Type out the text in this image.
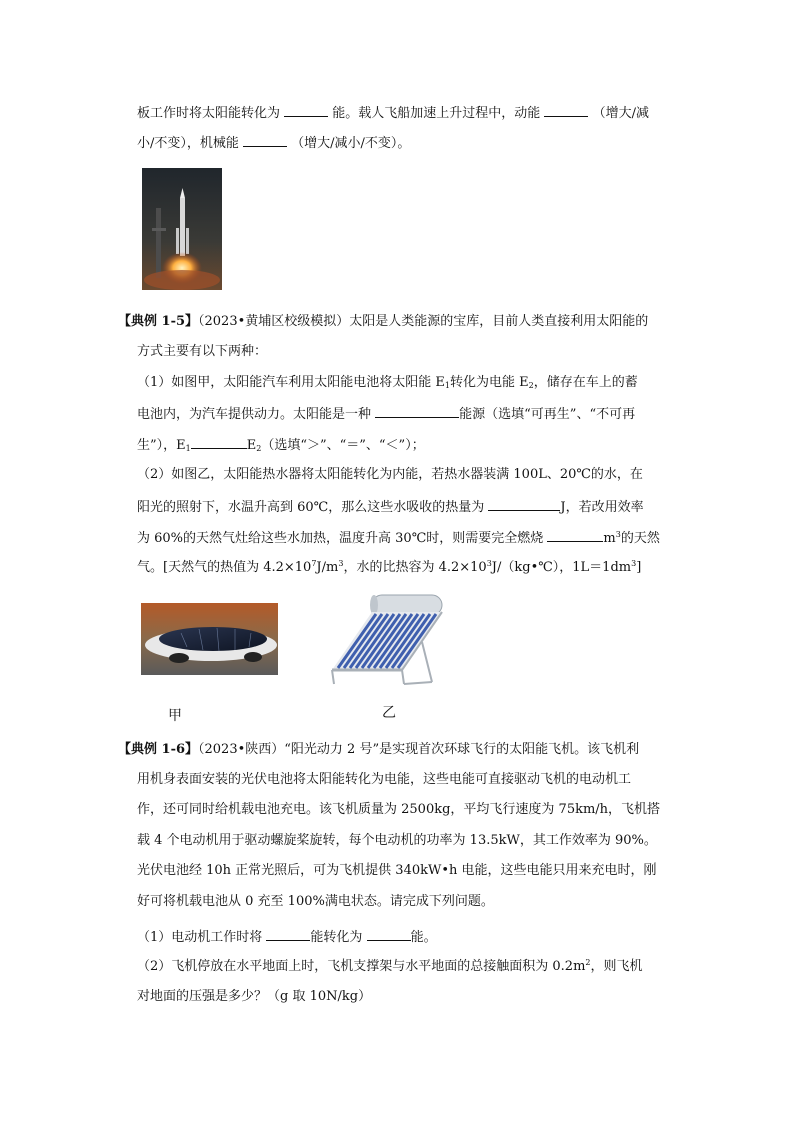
板工作时将太阳能转化为	能。载人飞船加速上升过程中，动能	（增大/减
小/不变），机械能	（增大/减小/不变）。
【典例 1-5】（2023•黄埔区校级模拟）太阳是人类能源的宝库，目前人类直接利用太阳能的
方式主要有以下两种：
（1）如图甲，太阳能汽车利用太阳能电池将太阳能 $E_1$转化为电能 $E_2$，储存在车上的蓄
电池内，为汽车提供动力。太阳能是一种	能源（选填“可再生”、“不可再
生”），$E_1$	$E_2$（选填“＞”、“＝”、“＜”）；
（2）如图乙，太阳能热水器将太阳能转化为内能，若热水器装满 100L、20℃的水，在
阳光的照射下，水温升高到 60℃，那么这些水吸收的热量为	J，若改用效率
为 60%的天然气灶给这些水加热，温度升高 30℃时，则需要完全燃烧	$m^3$的天然
气。[天然气的热值为 $4.2\times 10^7J/m^3$，水的比热容为 $4.2\times 10^3J/(kg•℃)$，$1L=1dm^3$]
甲	乙
【典例 1-6】（2023•陕西）“阳光动力 2 号”是实现首次环球飞行的太阳能飞机。该飞机利
用机身表面安装的光伏电池将太阳能转化为电能，这些电能可直接驱动飞机的电动机工
作，还可同时给机载电池充电。该飞机质量为 2500kg，平均飞行速度为 75km/h，飞机搭
载 4 个电动机用于驱动螺旋桨旋转，每个电动机的功率为 13.5kW，其工作效率为 90%。
光伏电池经 10h 正常光照后，可为飞机提供 340kW•h 电能，这些电能只用来充电时，刚
好可将机载电池从 0 充至 100%满电状态。请完成下列问题。
（1）电动机工作时将	能转化为	能。
（2）飞机停放在水平地面上时，飞机支撑架与水平地面的总接触面积为 $0.2m^2$，则飞机
对地面的压强是多少？（g 取 10N/kg）
